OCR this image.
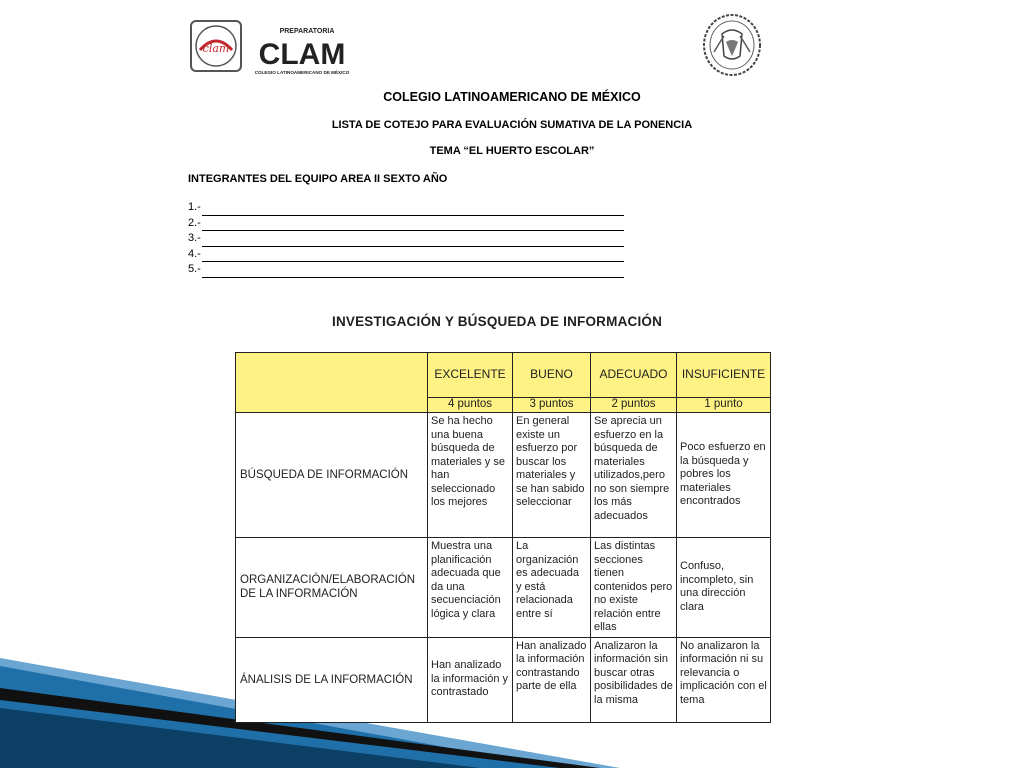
clam
PREPARATORIA
CLAM
COLEGIO LATINOAMERICANO DE MÉXICO
COLEGIO LATINOAMERICANO DE MÉXICO
LISTA DE COTEJO PARA EVALUACIÓN SUMATIVA DE LA PONENCIA
TEMA “EL HUERTO ESCOLAR”
INTEGRANTES DEL EQUIPO AREA II SEXTO AÑO
1.-
2.-
3.-
4.-
5.-
INVESTIGACIÓN Y BÚSQUEDA DE INFORMACIÓN
	EXCELENTE	BUENO	ADECUADO	INSUFICIENTE
	4 puntos	3 puntos	2 puntos	1 punto
BÚSQUEDA DE INFORMACIÓN	Se ha hecho una buena búsqueda de materiales y se han seleccionado los mejores	En general existe un esfuerzo por buscar los materiales y se han sabido seleccionar	Se aprecia un esfuerzo en la búsqueda de materiales utilizados,pero no son siempre los más adecuados	Poco esfuerzo en la búsqueda y pobres los materiales encontrados
ORGANIZACIÓN/ELABORACIÓN DE LA INFORMACIÓN	Muestra una planificación adecuada que da una secuenciación lógica y clara	La organización es adecuada y está relacionada entre sí	Las distintas secciones tienen contenidos pero no existe relación entre ellas	Confuso, incompleto, sin una dirección clara
ÁNALISIS DE LA INFORMACIÓN	Han analizado la información y contrastado	Han analizado la información contrastando parte de ella	Analizaron la información sin buscar otras posibilidades de la misma	No analizaron la información ni su relevancia o implicación con el tema
